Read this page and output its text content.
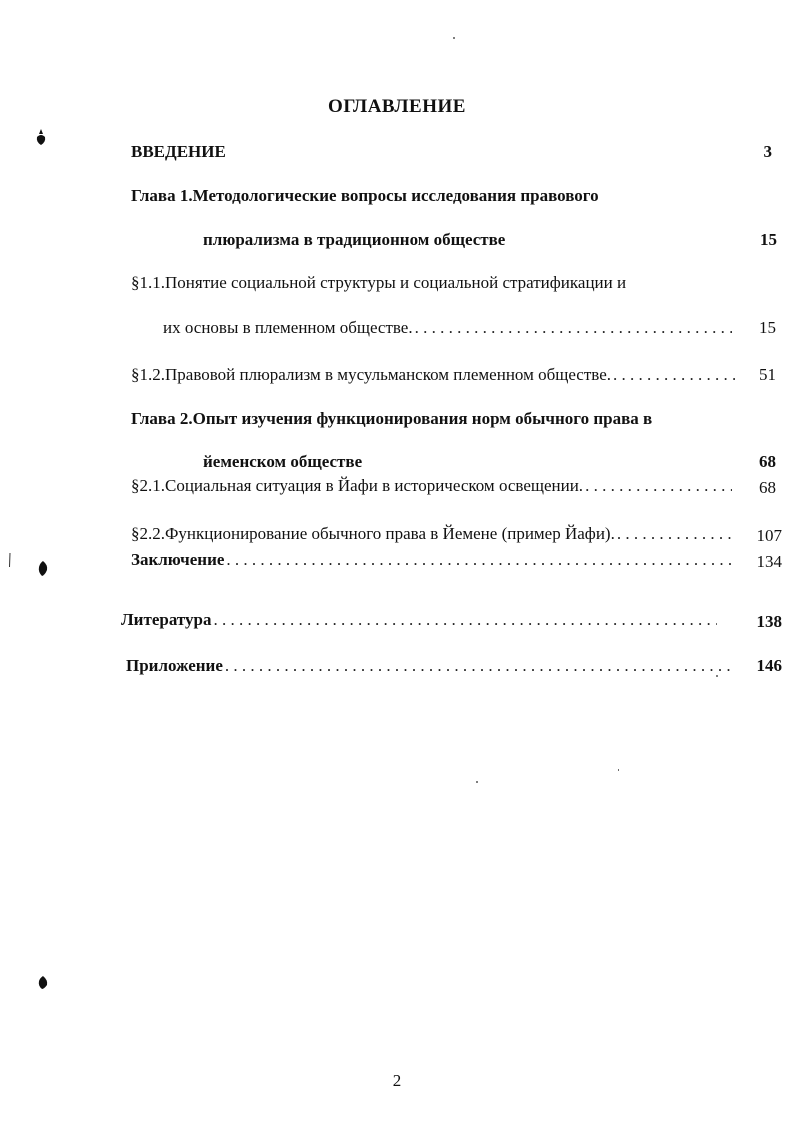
ОГЛАВЛЕНИЕ
ВВЕДЕНИЕ	3
Глава 1.Методологические вопросы исследования правового
плюрализма в традиционном обществе	15
§1.1.Понятие социальной структуры и социальной стратификации и
их основы в племенном обществе. . . .	15
§1.2.Правовой плюрализм в мусульманском племенном обществе. . . .	51
Глава 2.Опыт изучения функционирования норм обычного права в
йеменском обществе	68
§2.1.Социальная ситуация в Йафи в историческом освещении. . . .	68
§2.2.Функционирование обычного права в Йемене (пример Йафи). . . .	107
Заключение . . .	134
Литература . . .	138
Приложение . . .	146
2
